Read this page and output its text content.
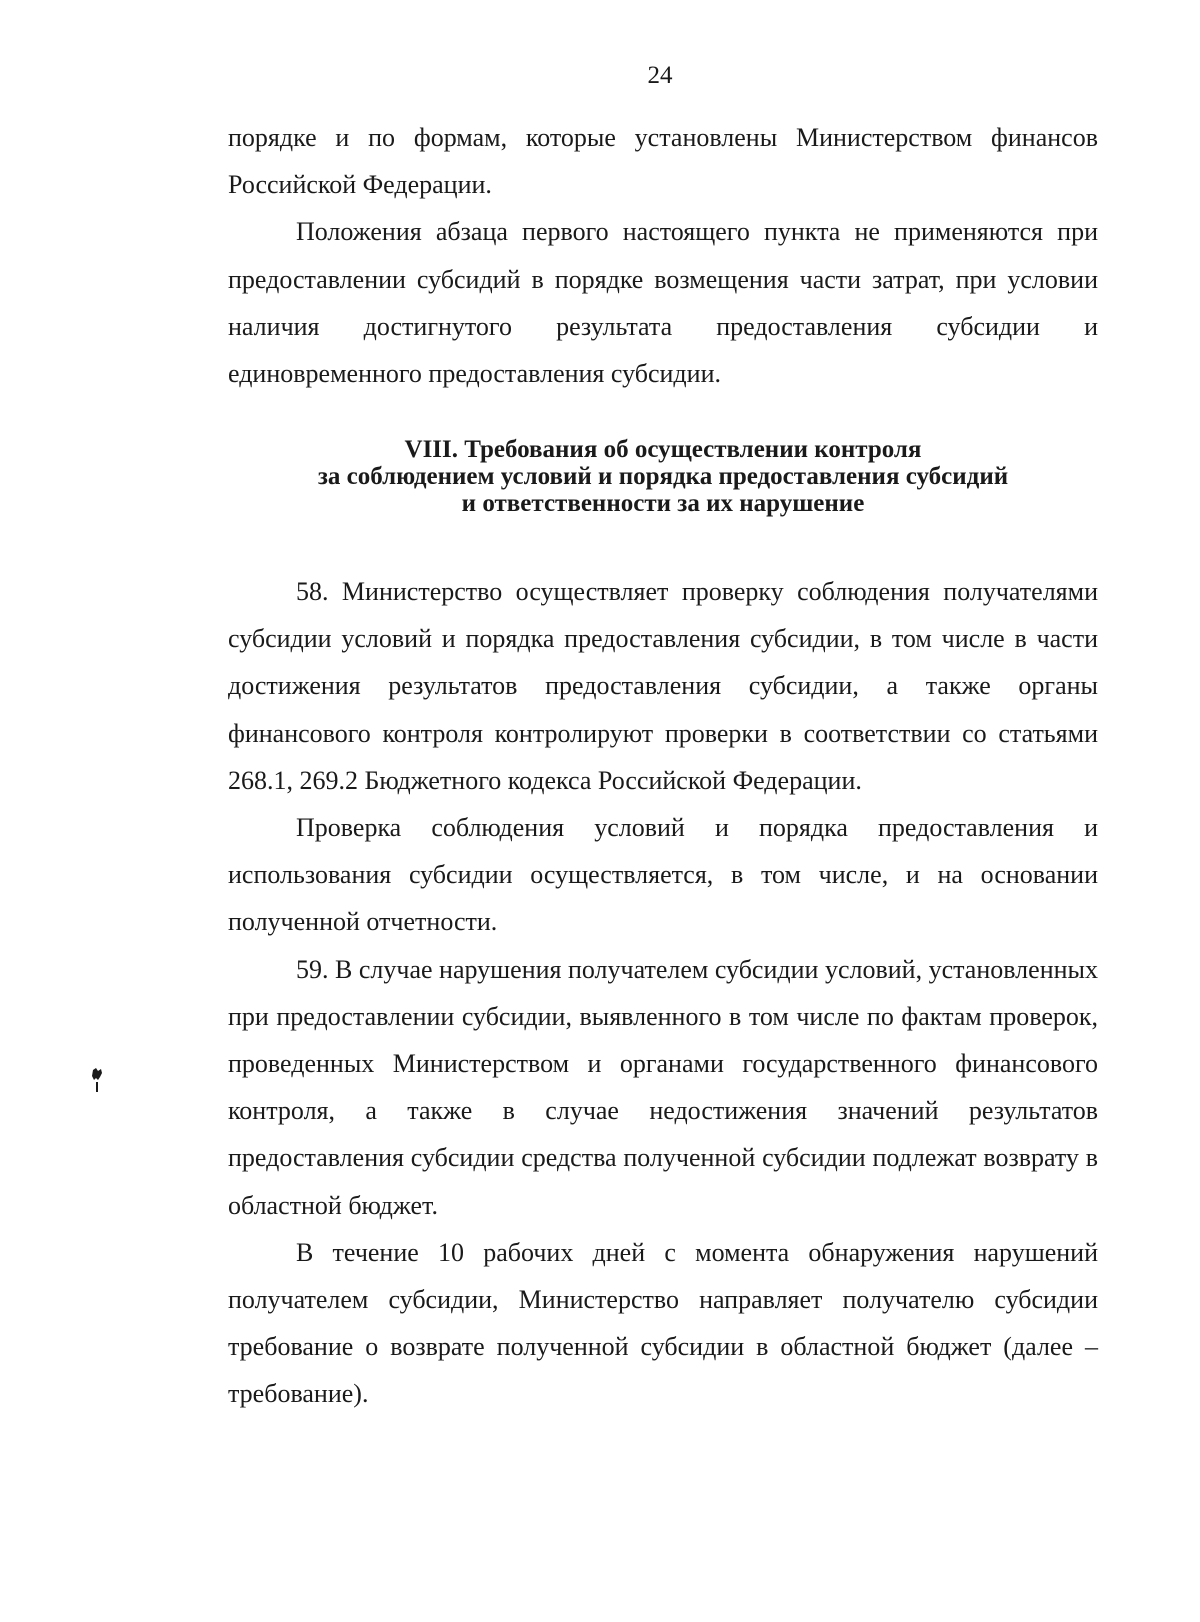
24

порядке и по формам, которые установлены Министерством финансов Российской Федерации.

Положения абзаца первого настоящего пункта не применяются при предоставлении субсидий в порядке возмещения части затрат, при условии наличия достигнутого результата предоставления субсидии и единовременного предоставления субсидии.

VIII. Требования об осуществлении контроля
за соблюдением условий и порядка предоставления субсидий
и ответственности за их нарушение

58. Министерство осуществляет проверку соблюдения получателями субсидии условий и порядка предоставления субсидии, в том числе в части достижения результатов предоставления субсидии, а также органы финансового контроля контролируют проверки в соответствии со статьями 268.1, 269.2 Бюджетного кодекса Российской Федерации.

Проверка соблюдения условий и порядка предоставления и использования субсидии осуществляется, в том числе, и на основании полученной отчетности.

59. В случае нарушения получателем субсидии условий, установленных при предоставлении субсидии, выявленного в том числе по фактам проверок, проведенных Министерством и органами государственного финансового контроля, а также в случае недостижения значений результатов предоставления субсидии средства полученной субсидии подлежат возврату в областной бюджет.

В течение 10 рабочих дней с момента обнаружения нарушений получателем субсидии, Министерство направляет получателю субсидии требование о возврате полученной субсидии в областной бюджет (далее – требование).
